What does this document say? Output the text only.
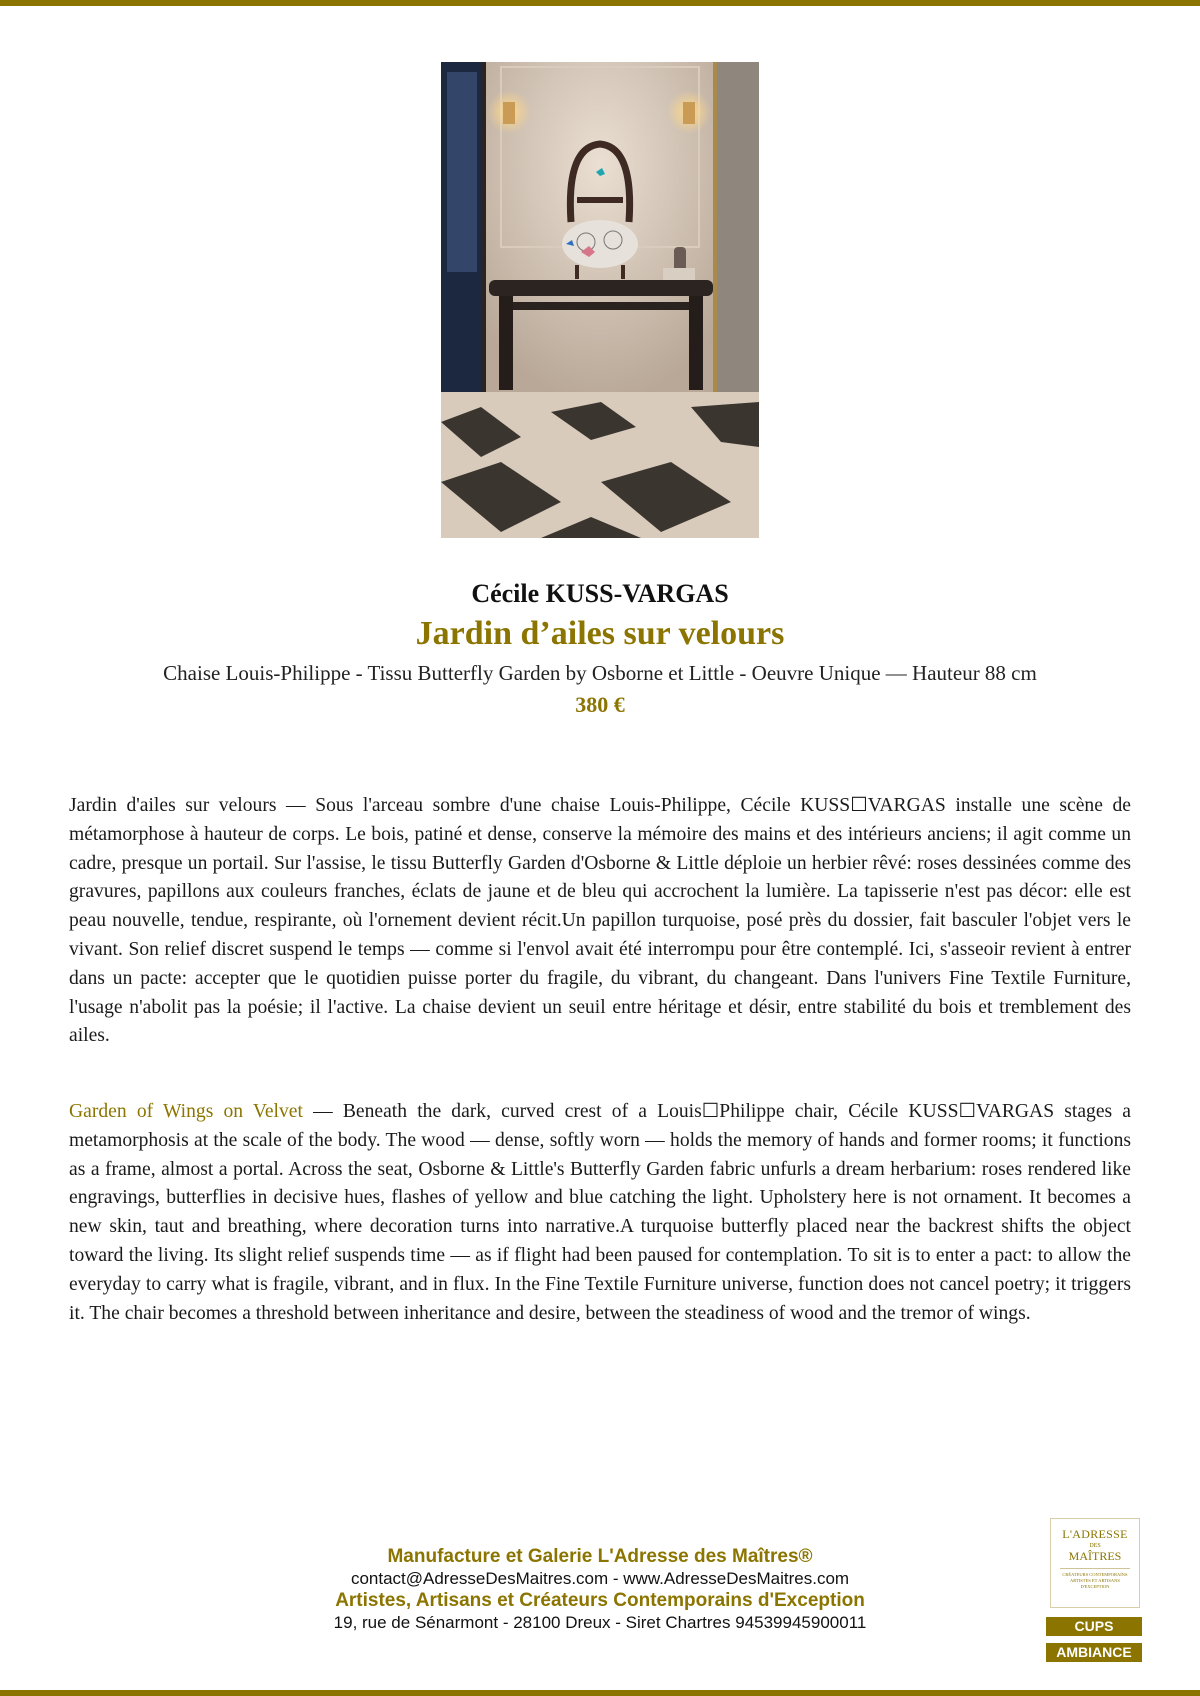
Cécile KUSS-VARGAS
Jardin d’ailes sur velours
Chaise Louis-Philippe - Tissu Butterfly Garden by Osborne et Little - Oeuvre Unique — Hauteur 88 cm
380 €
Jardin d'ailes sur velours — Sous l'arceau sombre d'une chaise Louis-Philippe, Cécile KUSS☐VARGAS installe une scène de métamorphose à hauteur de corps. Le bois, patiné et dense, conserve la mémoire des mains et des intérieurs anciens; il agit comme un cadre, presque un portail. Sur l'assise, le tissu Butterfly Garden d'Osborne & Little déploie un herbier rêvé: roses dessinées comme des gravures, papillons aux couleurs franches, éclats de jaune et de bleu qui accrochent la lumière. La tapisserie n'est pas décor: elle est peau nouvelle, tendue, respirante, où l'ornement devient récit.Un papillon turquoise, posé près du dossier, fait basculer l'objet vers le vivant. Son relief discret suspend le temps — comme si l'envol avait été interrompu pour être contemplé. Ici, s'asseoir revient à entrer dans un pacte: accepter que le quotidien puisse porter du fragile, du vibrant, du changeant. Dans l'univers Fine Textile Furniture, l'usage n'abolit pas la poésie; il l'active. La chaise devient un seuil entre héritage et désir, entre stabilité du bois et tremblement des ailes.
Garden of Wings on Velvet — Beneath the dark, curved crest of a Louis☐Philippe chair, Cécile KUSS☐VARGAS stages a metamorphosis at the scale of the body. The wood — dense, softly worn — holds the memory of hands and former rooms; it functions as a frame, almost a portal. Across the seat, Osborne & Little's Butterfly Garden fabric unfurls a dream herbarium: roses rendered like engravings, butterflies in decisive hues, flashes of yellow and blue catching the light. Upholstery here is not ornament. It becomes a new skin, taut and breathing, where decoration turns into narrative.A turquoise butterfly placed near the backrest shifts the object toward the living. Its slight relief suspends time — as if flight had been paused for contemplation. To sit is to enter a pact: to allow the everyday to carry what is fragile, vibrant, and in flux. In the Fine Textile Furniture universe, function does not cancel poetry; it triggers it. The chair becomes a threshold between inheritance and desire, between the steadiness of wood and the tremor of wings.
Manufacture et Galerie L'Adresse des Maîtres®
contact@AdresseDesMaitres.com - www.AdresseDesMaitres.com
Artistes, Artisans et Créateurs Contemporains d'Exception
19, rue de Sénarmont - 28100 Dreux - Siret Chartres 94539945900011
L'ADRESSE
DES
MAÎTRES
CRÉATEURS CONTEMPORAINS
ARTISTES ET ARTISANS
D'EXCEPTION
CUPS
AMBIANCE
